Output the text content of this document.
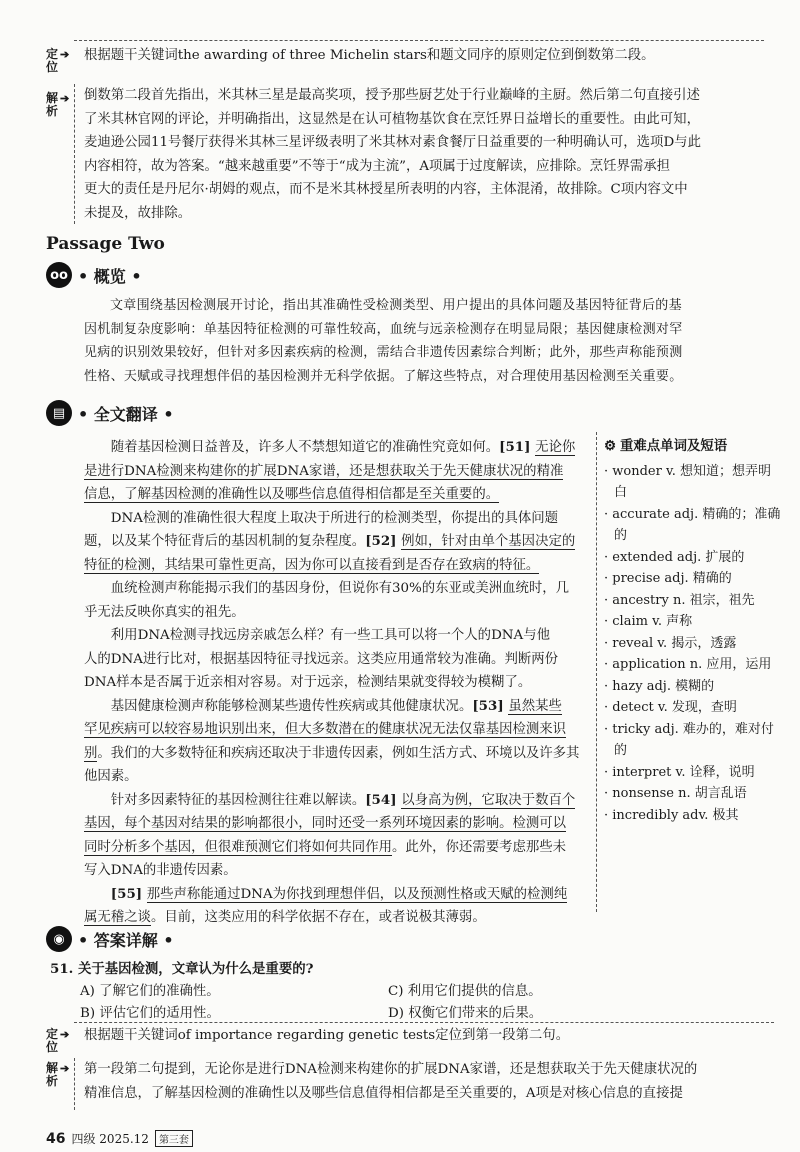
定
位
➔ 根据题干关键词the awarding of three Michelin stars和题文同序的原则定位到倒数第二段。
解
析
➔ 倒数第二段首先指出，米其林三星是最高奖项，授予那些厨艺处于行业巅峰的主厨。然后第二句直接引述
了米其林官网的评论，并明确指出，这显然是在认可植物基饮食在烹饪界日益增长的重要性。由此可知，
麦迪逊公园11号餐厅获得米其林三星评级表明了米其林对素食餐厅日益重要的一种明确认可，选项D与此
内容相符，故为答案。“越来越重要”不等于“成为主流”，A项属于过度解读，应排除。烹饪界需承担
更大的责任是丹尼尔·胡姆的观点，而不是米其林授星所表明的内容，主体混淆，故排除。C项内容文中
未提及，故排除。
Passage Two
oo • 概览 •
文章围绕基因检测展开讨论，指出其准确性受检测类型、用户提出的具体问题及基因特征背后的基
因机制复杂度影响：单基因特征检测的可靠性较高，血统与远亲检测存在明显局限；基因健康检测对罕
见病的识别效果较好，但针对多因素疾病的检测，需结合非遗传因素综合判断；此外，那些声称能预测
性格、天赋或寻找理想伴侣的基因检测并无科学依据。了解这些特点，对合理使用基因检测至关重要。
▤ • 全文翻译 •
随着基因检测日益普及，许多人不禁想知道它的准确性究竟如何。[51] 无论你
是进行DNA检测来构建你的扩展DNA家谱，还是想获取关于先天健康状况的精准
信息，了解基因检测的准确性以及哪些信息值得相信都是至关重要的。
DNA检测的准确性很大程度上取决于所进行的检测类型，你提出的具体问题
题，以及某个特征背后的基因机制的复杂程度。[52] 例如，针对由单个基因决定的
特征的检测，其结果可靠性更高，因为你可以直接看到是否存在致病的特征。
血统检测声称能揭示我们的基因身份，但说你有30%的东亚或美洲血统时，几
乎无法反映你真实的祖先。
利用DNA检测寻找远房亲戚怎么样？有一些工具可以将一个人的DNA与他
人的DNA进行比对，根据基因特征寻找远亲。这类应用通常较为准确。判断两份
DNA样本是否属于近亲相对容易。对于远亲，检测结果就变得较为模糊了。
基因健康检测声称能够检测某些遗传性疾病或其他健康状况。[53] 虽然某些
罕见疾病可以较容易地识别出来，但大多数潜在的健康状况无法仅靠基因检测来识
别。我们的大多数特征和疾病还取决于非遗传因素，例如生活方式、环境以及许多其
他因素。
针对多因素特征的基因检测往往难以解读。[54] 以身高为例，它取决于数百个
基因，每个基因对结果的影响都很小，同时还受一系列环境因素的影响。检测可以
同时分析多个基因，但很难预测它们将如何共同作用。此外，你还需要考虑那些未
写入DNA的非遗传因素。
[55] 那些声称能通过DNA为你找到理想伴侣，以及预测性格或天赋的检测纯
属无稽之谈。目前，这类应用的科学依据不存在，或者说极其薄弱。
⚙ 重难点单词及短语
· wonder v. 想知道；想弄明白
· accurate adj. 精确的；准确的
· extended adj. 扩展的
· precise adj. 精确的
· ancestry n. 祖宗，祖先
· claim v. 声称
· reveal v. 揭示，透露
· application n. 应用，运用
· hazy adj. 模糊的
· detect v. 发现，查明
· tricky adj. 难办的，难对付的
· interpret v. 诠释，说明
· nonsense n. 胡言乱语
· incredibly adv. 极其
◉ • 答案详解 •
51. 关于基因检测，文章认为什么是重要的?
A) 了解它们的准确性。	C) 利用它们提供的信息。
B) 评估它们的适用性。	D) 权衡它们带来的后果。
定
位
➔ 根据题干关键词of importance regarding genetic tests定位到第一段第二句。
解
析
➔ 第一段第二句提到，无论你是进行DNA检测来构建你的扩展DNA家谱，还是想获取关于先天健康状况的
精准信息，了解基因检测的准确性以及哪些信息值得相信都是至关重要的，A项是对核心信息的直接提
46 四级 2025.12	第三套
